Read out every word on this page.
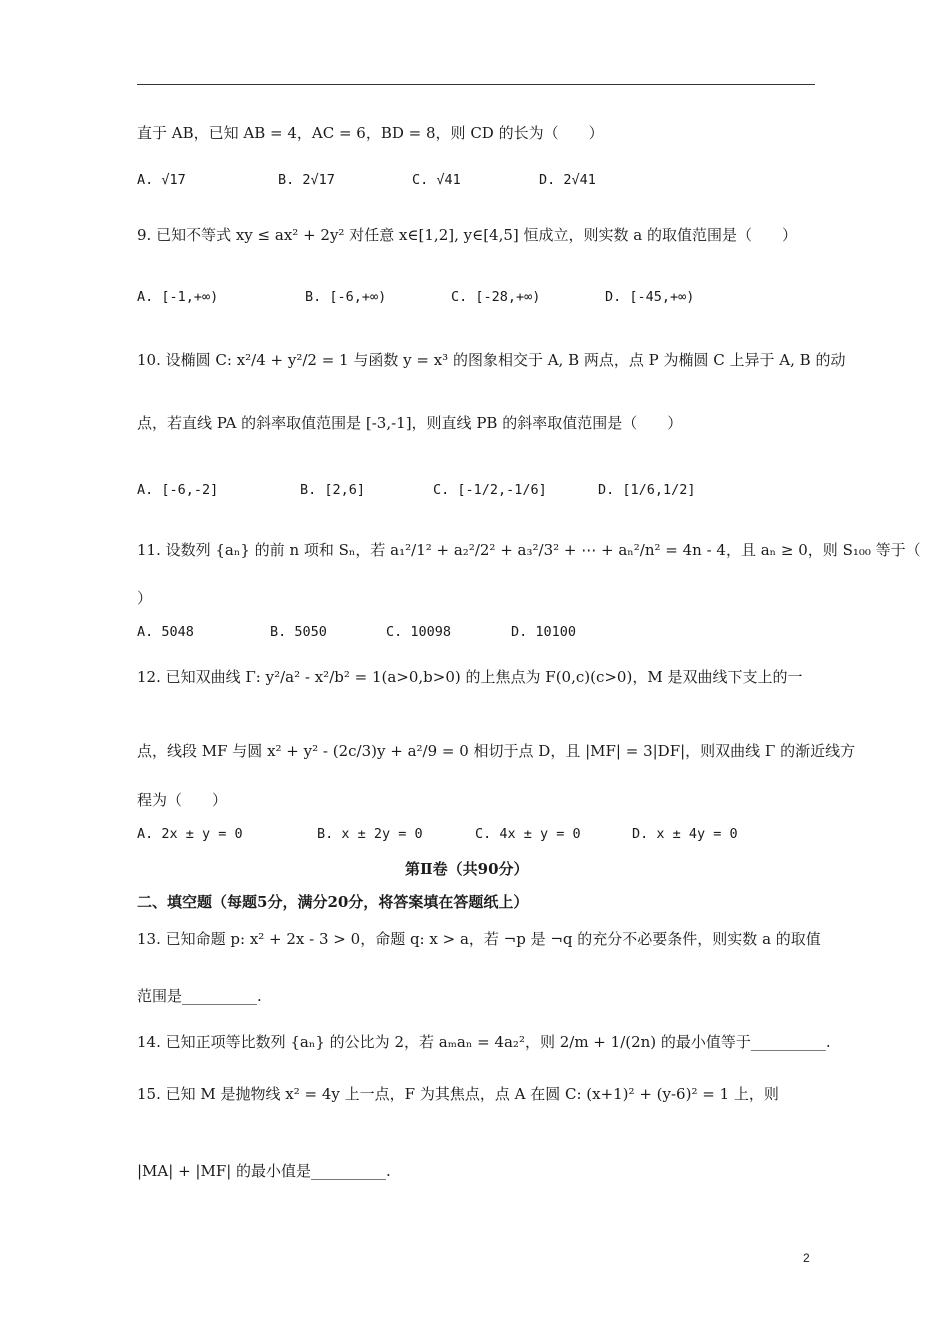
直于 AB，已知 AB = 4，AC = 6，BD = 8，则 CD 的长为（　　）
A. √17	B. 2√17	C. √41	D. 2√41
9. 已知不等式 xy ≤ ax² + 2y² 对任意 x∈[1,2], y∈[4,5] 恒成立，则实数 a 的取值范围是（　　）
A. [-1,+∞)	B. [-6,+∞)	C. [-28,+∞)	D. [-45,+∞)
10. 设椭圆 C: x²/4 + y²/2 = 1 与函数 y = x³ 的图象相交于 A, B 两点，点 P 为椭圆 C 上异于 A, B 的动
点，若直线 PA 的斜率取值范围是 [-3,-1]，则直线 PB 的斜率取值范围是（　　）
A. [-6,-2]	B. [2,6]	C. [-1/2,-1/6]	D. [1/6,1/2]
11. 设数列 {aₙ} 的前 n 项和 Sₙ，若 a₁²/1² + a₂²/2² + a₃²/3² + ⋯ + aₙ²/n² = 4n - 4，且 aₙ ≥ 0，则 S₁₀₀ 等于（
）
A. 5048	B. 5050	C. 10098	D. 10100
12. 已知双曲线 Γ: y²/a² - x²/b² = 1(a>0,b>0) 的上焦点为 F(0,c)(c>0)，M 是双曲线下支上的一
点，线段 MF 与圆 x² + y² - (2c/3)y + a²/9 = 0 相切于点 D，且 |MF| = 3|DF|，则双曲线 Γ 的渐近线方
程为（　　）
A. 2x ± y = 0	B. x ± 2y = 0	C. 4x ± y = 0	D. x ± 4y = 0
第Ⅱ卷（共90分）
二、填空题（每题5分，满分20分，将答案填在答题纸上）
13. 已知命题 p: x² + 2x - 3 > 0，命题 q: x > a，若 ¬p 是 ¬q 的充分不必要条件，则实数 a 的取值
范围是__________.
14. 已知正项等比数列 {aₙ} 的公比为 2，若 aₘaₙ = 4a₂²，则 2/m + 1/(2n) 的最小值等于__________.
15. 已知 M 是抛物线 x² = 4y 上一点，F 为其焦点，点 A 在圆 C: (x+1)² + (y-6)² = 1 上，则
|MA| + |MF| 的最小值是__________.
2
